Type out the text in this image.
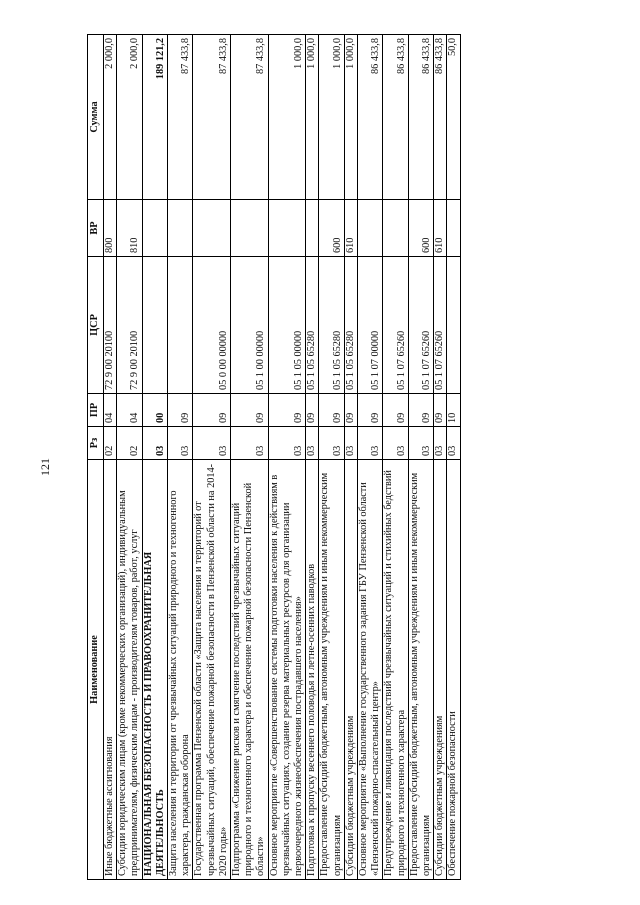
121
Наименование	Рз	ПР	ЦСР	ВР	Сумма
Иные бюджетные ассигнования	02	04	72 9 00 20100	800	2 000,0
Субсидии юридическим лицам (кроме некоммерческих организаций), индивидуальным предпринимателям, физическим лицам - производителям товаров, работ, услуг	02	04	72 9 00 20100	810	2 000,0
НАЦИОНАЛЬНАЯ БЕЗОПАСНОСТЬ И ПРАВООХРАНИТЕЛЬНАЯ ДЕЯТЕЛЬНОСТЬ	03	00			189 121,2
Защита населения и территории от чрезвычайных ситуаций природного и техногенного характера, гражданская оборона	03	09			87 433,8
Государственная программа Пензенской области «Защита населения и территорий от чрезвычайных ситуаций, обеспечение пожарной безопасности в Пензенской области на 2014-2020 годы»	03	09	05 0 00 00000		87 433,8
Подпрограмма «Снижение рисков и смягчение последствий чрезвычайных ситуаций природного и техногенного характера и обеспечение пожарной безопасности Пензенской области»	03	09	05 1 00 00000		87 433,8
Основное мероприятие «Совершенствование системы подготовки населения к действиям в чрезвычайных ситуациях, создание резерва материальных ресурсов для организации первоочередного жизнеобеспечения пострадавшего населения»	03	09	05 1 05 00000		1 000,0
Подготовка к пропуску весеннего половодья и летне-осенних паводков	03	09	05 1 05 65280		1 000,0
Предоставление субсидий бюджетным, автономным учреждениям и иным некоммерческим организациям	03	09	05 1 05 65280	600	1 000,0
Субсидии бюджетным учреждениям	03	09	05 1 05 65280	610	1 000,0
Основное мероприятие «Выполнение государственного задания ГБУ Пензенской области «Пензенский пожарно-спасательный центр»	03	09	05 1 07 00000		86 433,8
Предупреждение и ликвидация последствий чрезвычайных ситуаций и стихийных бедствий природного и техногенного характера	03	09	05 1 07 65260		86 433,8
Предоставление субсидий бюджетным, автономным учреждениям и иным некоммерческим организациям	03	09	05 1 07 65260	600	86 433,8
Субсидии бюджетным учреждениям	03	09	05 1 07 65260	610	86 433,8
Обеспечение пожарной безопасности	03	10			50,0
